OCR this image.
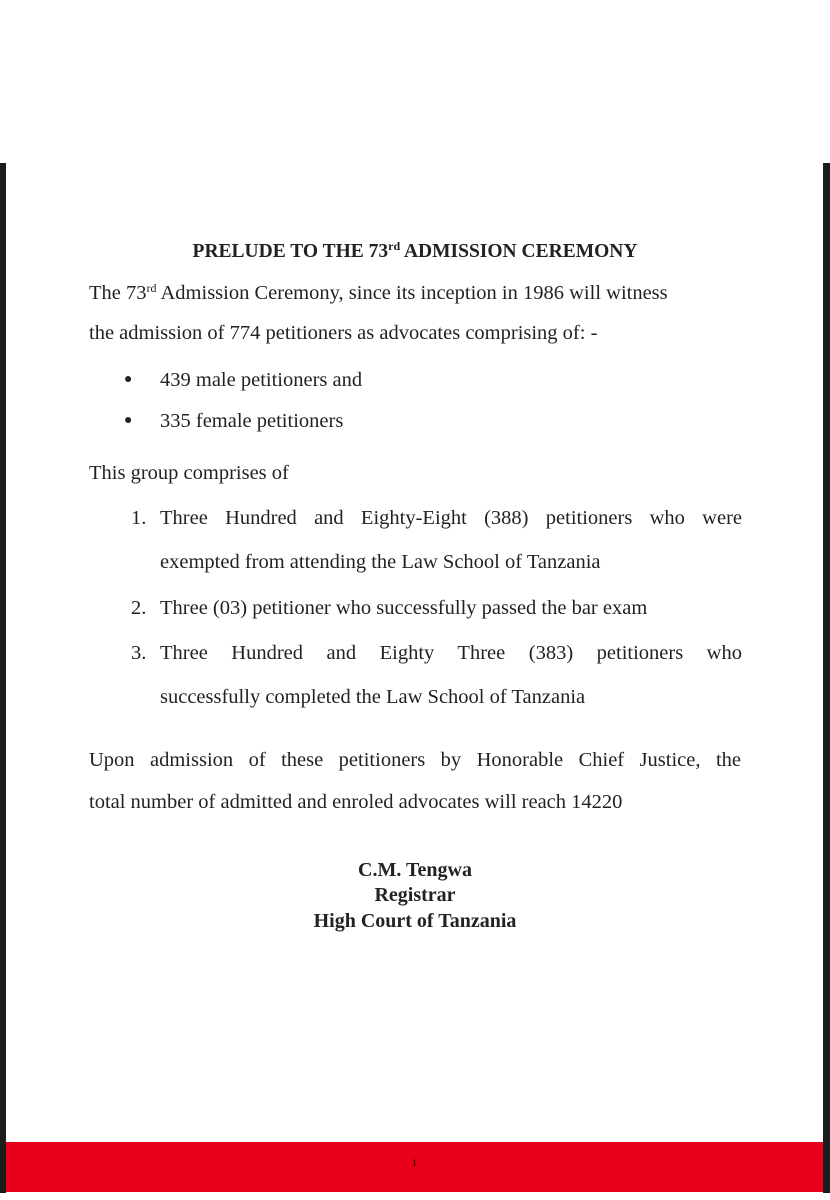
PRELUDE TO THE 73rd ADMISSION CEREMONY
The 73rd Admission Ceremony, since its inception in 1986 will witness
the admission of 774 petitioners as advocates comprising of: -
● 439 male petitioners and
● 335 female petitioners
This group comprises of
1. Three Hundred and Eighty-Eight (388) petitioners who were
exempted from attending the Law School of Tanzania
2. Three (03) petitioner who successfully passed the bar exam
3. Three Hundred and Eighty Three (383) petitioners who
successfully completed the Law School of Tanzania
Upon admission of these petitioners by Honorable Chief Justice, the
total number of admitted and enroled advocates will reach 14220
C.M. Tengwa
Registrar
High Court of Tanzania
i
